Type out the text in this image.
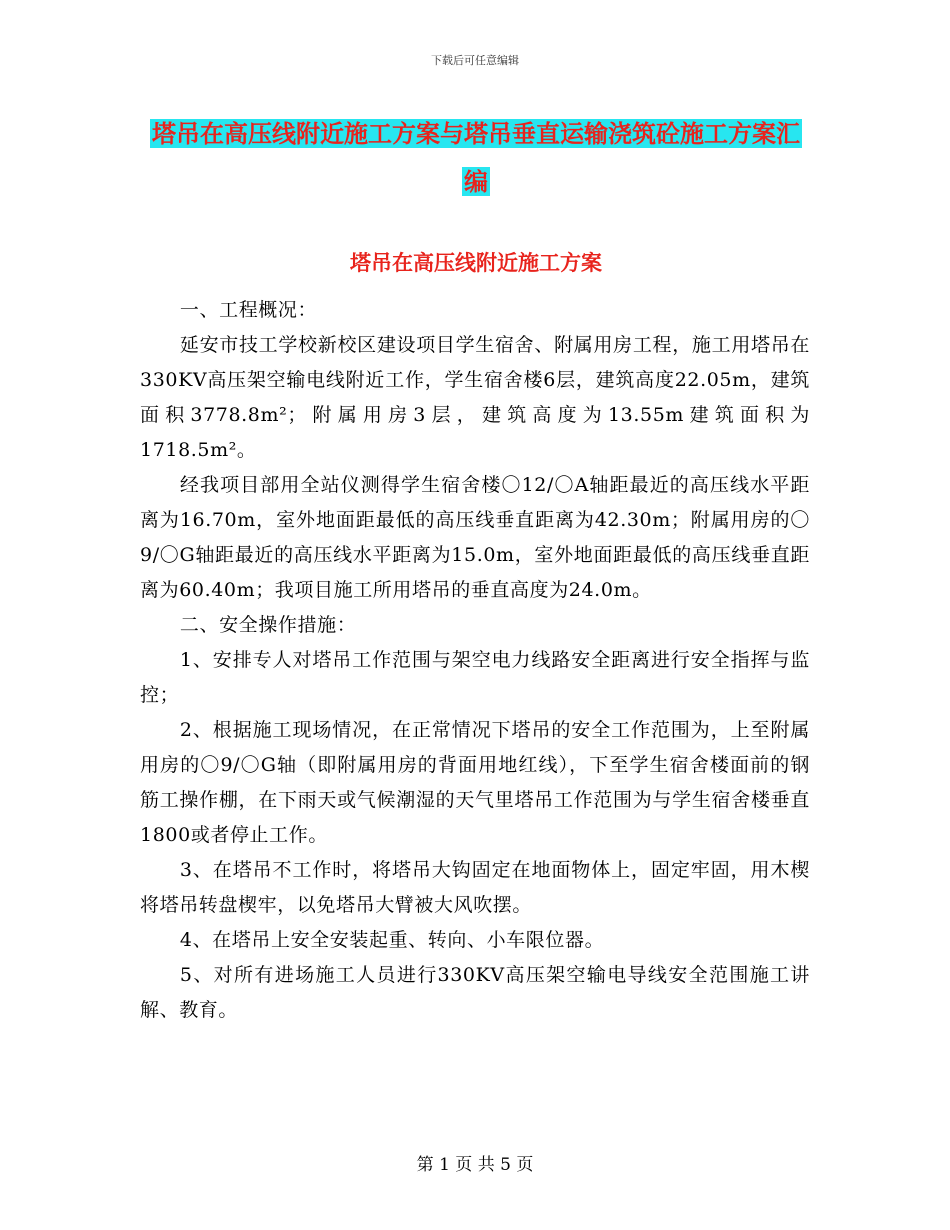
下载后可任意编辑
塔吊在高压线附近施工方案与塔吊垂直运输浇筑砼施工方案汇编
塔吊在高压线附近施工方案

一、工程概况：

延安市技工学校新校区建设项目学生宿舍、附属用房工程，施工用塔吊在330KV高压架空输电线附近工作，学生宿舍楼6层，建筑高度22.05m，建筑面积3778.8m²；附属用房3层，建筑高度为13.55m建筑面积为1718.5m²。

经我项目部用全站仪测得学生宿舍楼〇12/〇A轴距最近的高压线水平距离为16.70m，室外地面距最低的高压线垂直距离为42.30m；附属用房的〇9/〇G轴距最近的高压线水平距离为15.0m，室外地面距最低的高压线垂直距离为60.40m；我项目施工所用塔吊的垂直高度为24.0m。

二、安全操作措施：

1、安排专人对塔吊工作范围与架空电力线路安全距离进行安全指挥与监控；

2、根据施工现场情况，在正常情况下塔吊的安全工作范围为，上至附属用房的〇9/〇G轴（即附属用房的背面用地红线），下至学生宿舍楼面前的钢筋工操作棚，在下雨天或气候潮湿的天气里塔吊工作范围为与学生宿舍楼垂直1800或者停止工作。

3、在塔吊不工作时，将塔吊大钩固定在地面物体上，固定牢固，用木楔将塔吊转盘楔牢，以免塔吊大臂被大风吹摆。

4、在塔吊上安全安装起重、转向、小车限位器。

5、对所有进场施工人员进行330KV高压架空输电导线安全范围施工讲解、教育。

第 1 页 共 5 页
